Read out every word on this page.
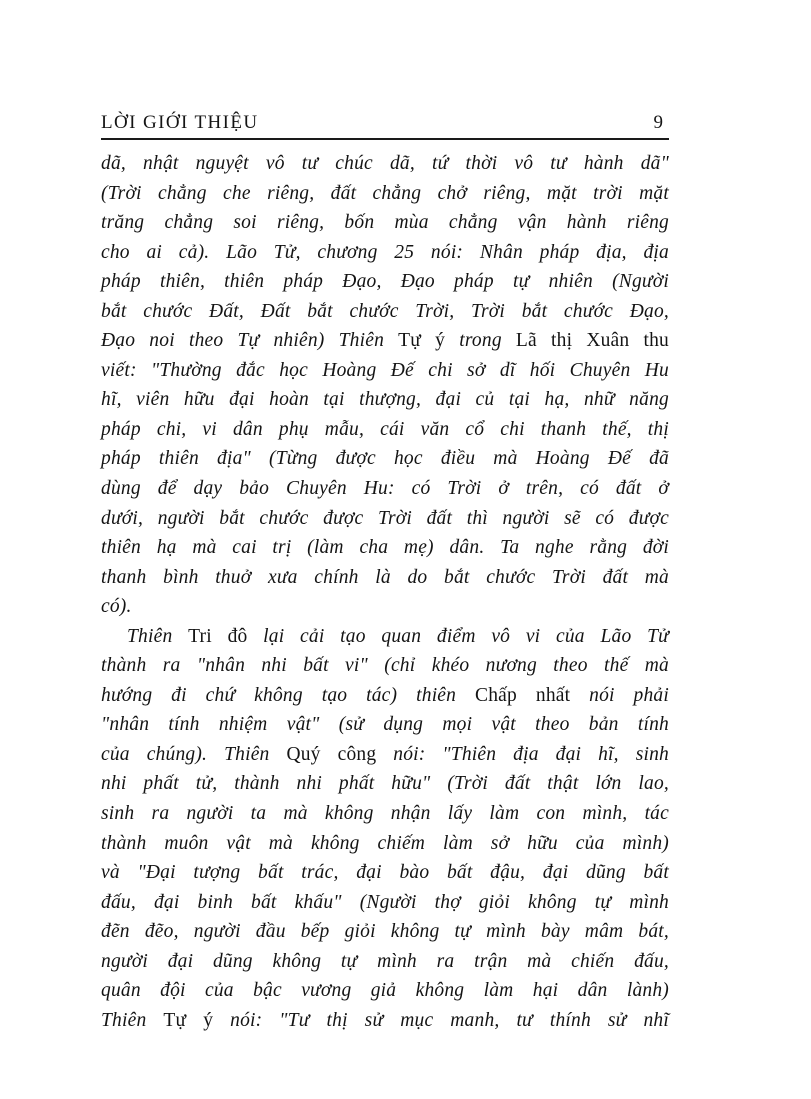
LỜI GIỚI THIỆU	9
dã, nhật nguyệt vô tư chúc dã, tứ thời vô tư hành dã"
(Trời chẳng che riêng, đất chẳng chở riêng, mặt trời mặt
trăng chẳng soi riêng, bốn mùa chẳng vận hành riêng
cho ai cả). Lão Tử, chương 25 nói: Nhân pháp địa, địa
pháp thiên, thiên pháp Đạo, Đạo pháp tự nhiên (Người
bắt chước Đất, Đất bắt chước Trời, Trời bắt chước Đạo,
Đạo noi theo Tự nhiên) Thiên Tự ý trong Lã thị Xuân thu
viết: "Thường đắc học Hoàng Đế chi sở dĩ hối Chuyên Hu
hĩ, viên hữu đại hoàn tại thượng, đại củ tại hạ, nhữ năng
pháp chi, vi dân phụ mẫu, cái văn cổ chi thanh thế, thị
pháp thiên địa" (Từng được học điều mà Hoàng Đế đã
dùng để dạy bảo Chuyên Hu: có Trời ở trên, có đất ở
dưới, người bắt chước được Trời đất thì người sẽ có được
thiên hạ mà cai trị (làm cha mẹ) dân. Ta nghe rằng đời
thanh bình thuở xưa chính là do bắt chước Trời đất mà
có).
Thiên Tri đô lại cải tạo quan điểm vô vi của Lão Tử
thành ra "nhân nhi bất vi" (chỉ khéo nương theo thế mà
hướng đi chứ không tạo tác) thiên Chấp nhất nói phải
"nhân tính nhiệm vật" (sử dụng mọi vật theo bản tính
của chúng). Thiên Quý công nói: "Thiên địa đại hĩ, sinh
nhi phất tử, thành nhi phất hữu" (Trời đất thật lớn lao,
sinh ra người ta mà không nhận lấy làm con mình, tác
thành muôn vật mà không chiếm làm sở hữu của mình)
và "Đại tượng bất trác, đại bào bất đậu, đại dũng bất
đấu, đại binh bất khấu" (Người thợ giỏi không tự mình
đẽn đẽo, người đầu bếp giỏi không tự mình bày mâm bát,
người đại dũng không tự mình ra trận mà chiến đấu,
quân đội của bậc vương giả không làm hại dân lành)
Thiên Tự ý nói: "Tư thị sử mục manh, tư thính sử nhĩ
